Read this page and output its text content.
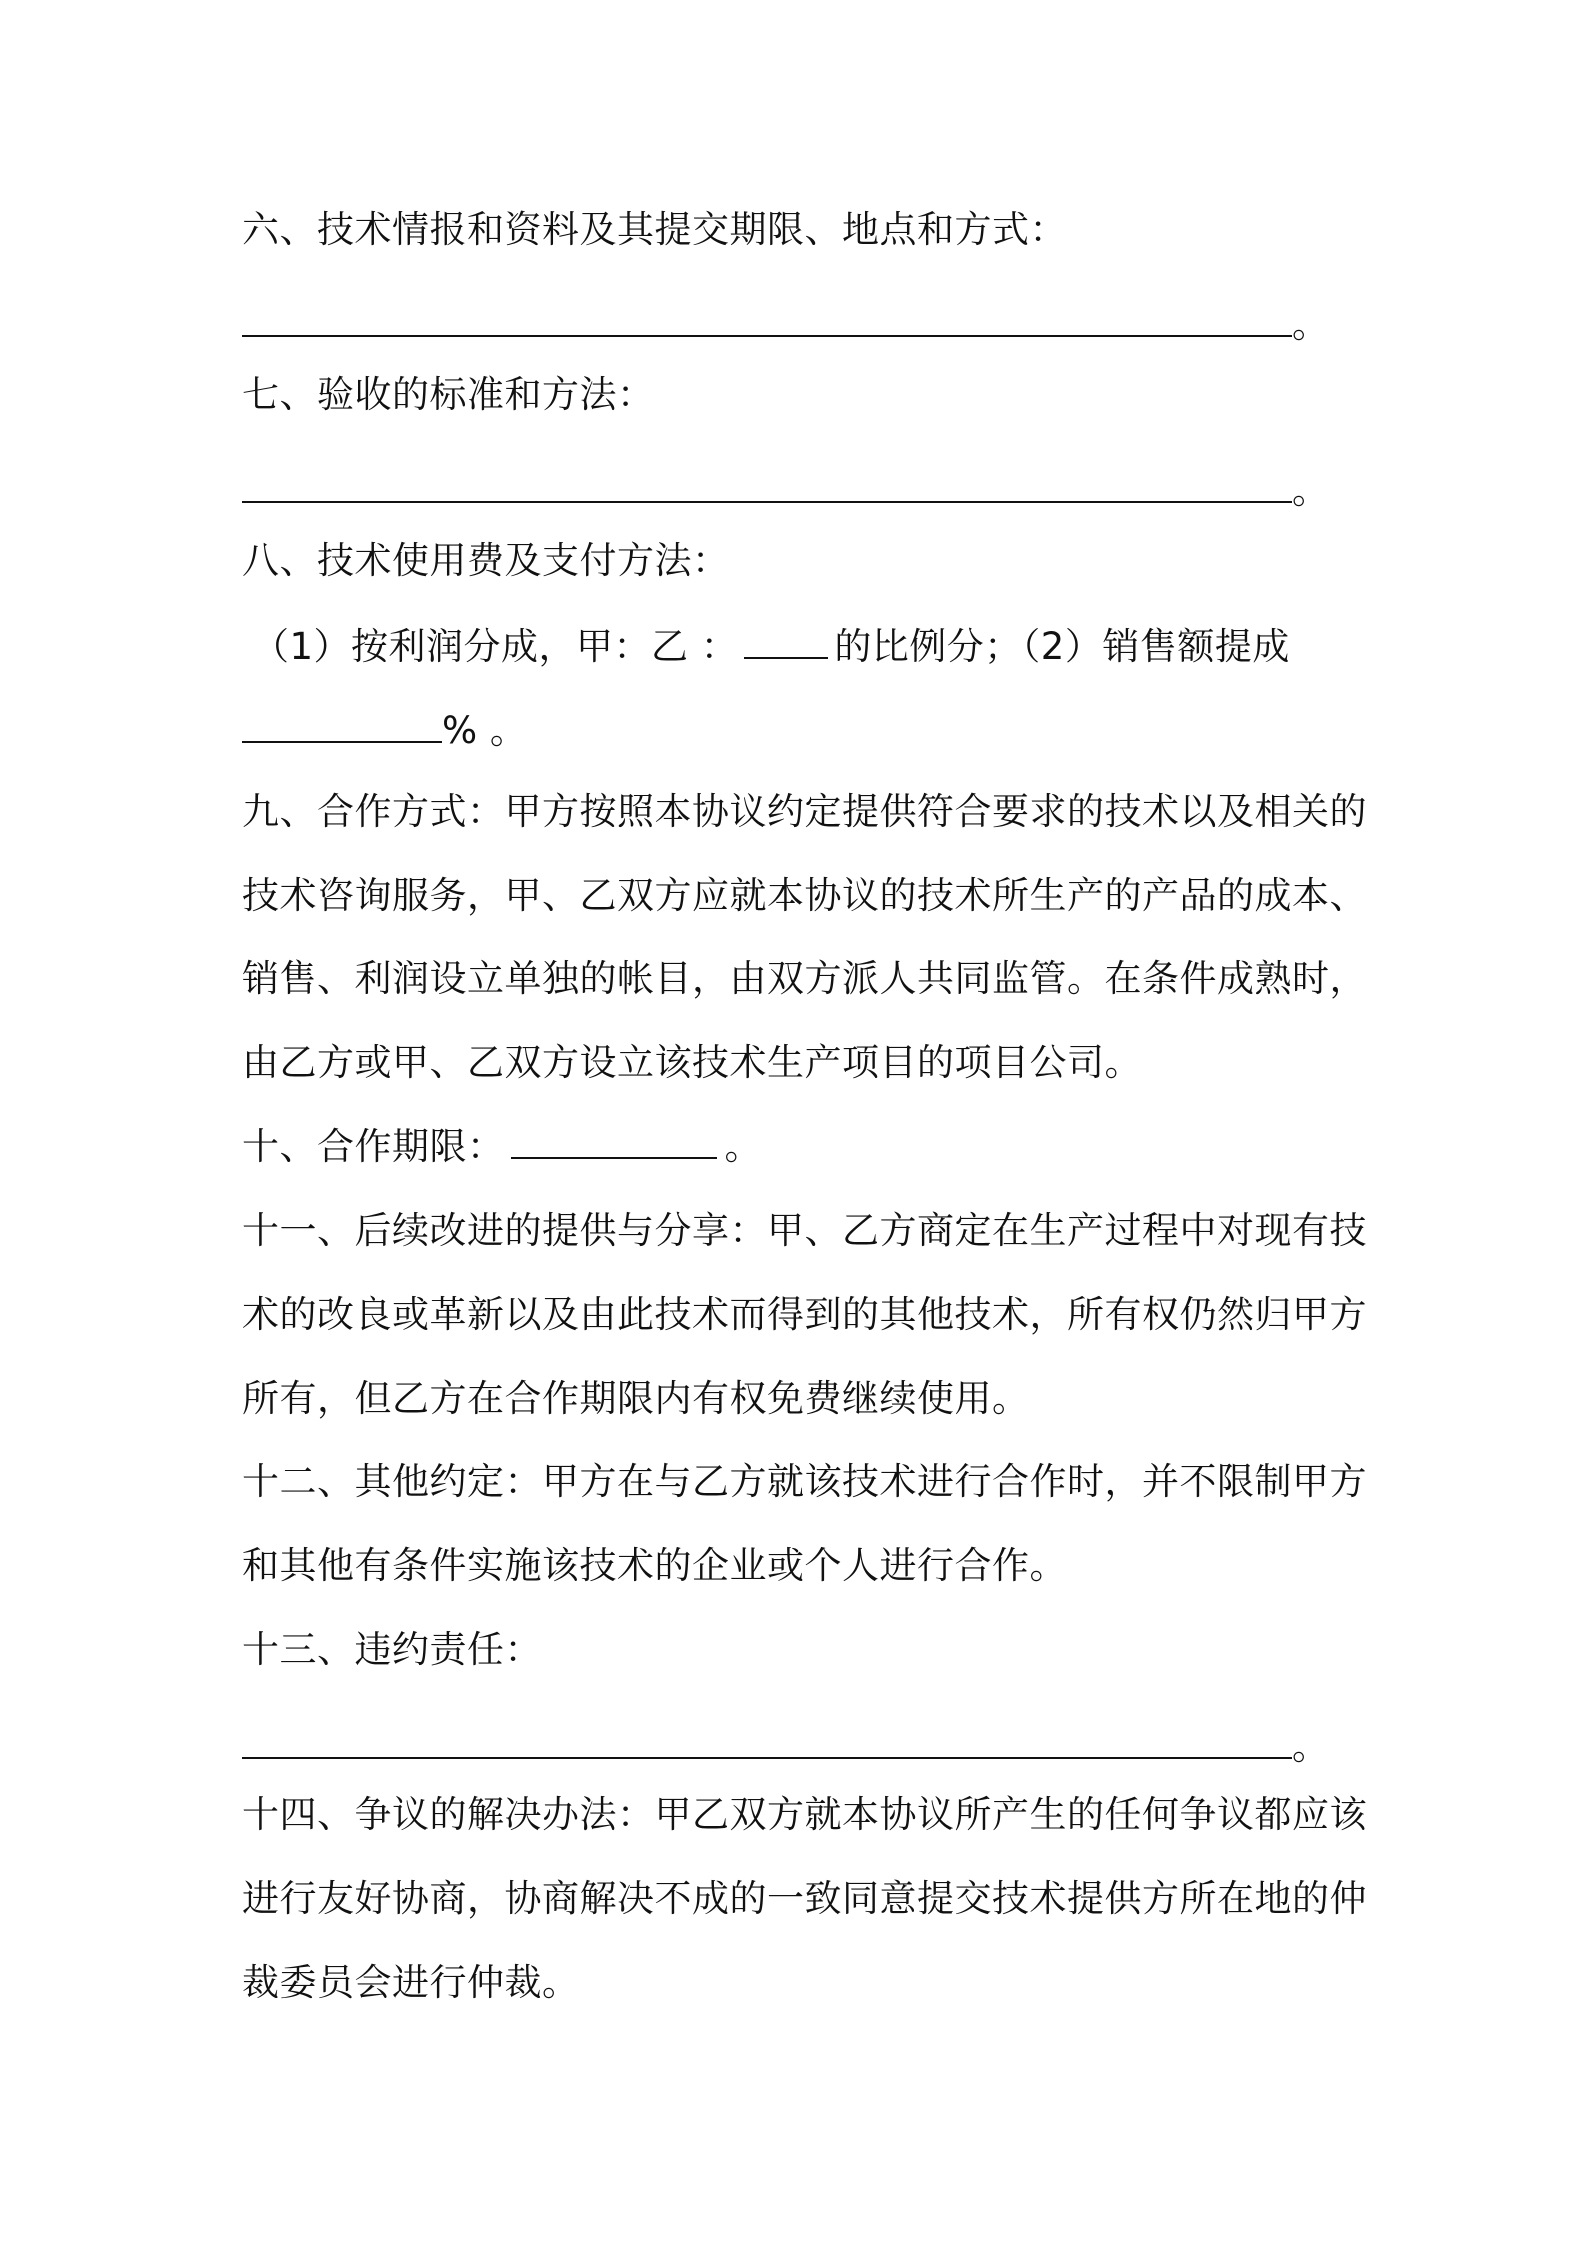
六、技术情报和资料及其提交期限、地点和方式：
。
七、验收的标准和方法：
。
八、技术使用费及支付方法：
（1）按利润分成，甲：乙 ：	的比例分；（2）销售额提成
% 。
九、合作方式：甲方按照本协议约定提供符合要求的技术以及相关的
技术咨询服务，甲、乙双方应就本协议的技术所生产的产品的成本、
销售、利润设立单独的帐目，由双方派人共同监管。在条件成熟时，
由乙方或甲、乙双方设立该技术生产项目的项目公司。
十、合作期限：	。
十一、后续改进的提供与分享：甲、乙方商定在生产过程中对现有技
术的改良或革新以及由此技术而得到的其他技术，所有权仍然归甲方
所有，但乙方在合作期限内有权免费继续使用。
十二、其他约定：甲方在与乙方就该技术进行合作时，并不限制甲方
和其他有条件实施该技术的企业或个人进行合作。
十三、违约责任：
。
十四、争议的解决办法：甲乙双方就本协议所产生的任何争议都应该
进行友好协商，协商解决不成的一致同意提交技术提供方所在地的仲
裁委员会进行仲裁。
